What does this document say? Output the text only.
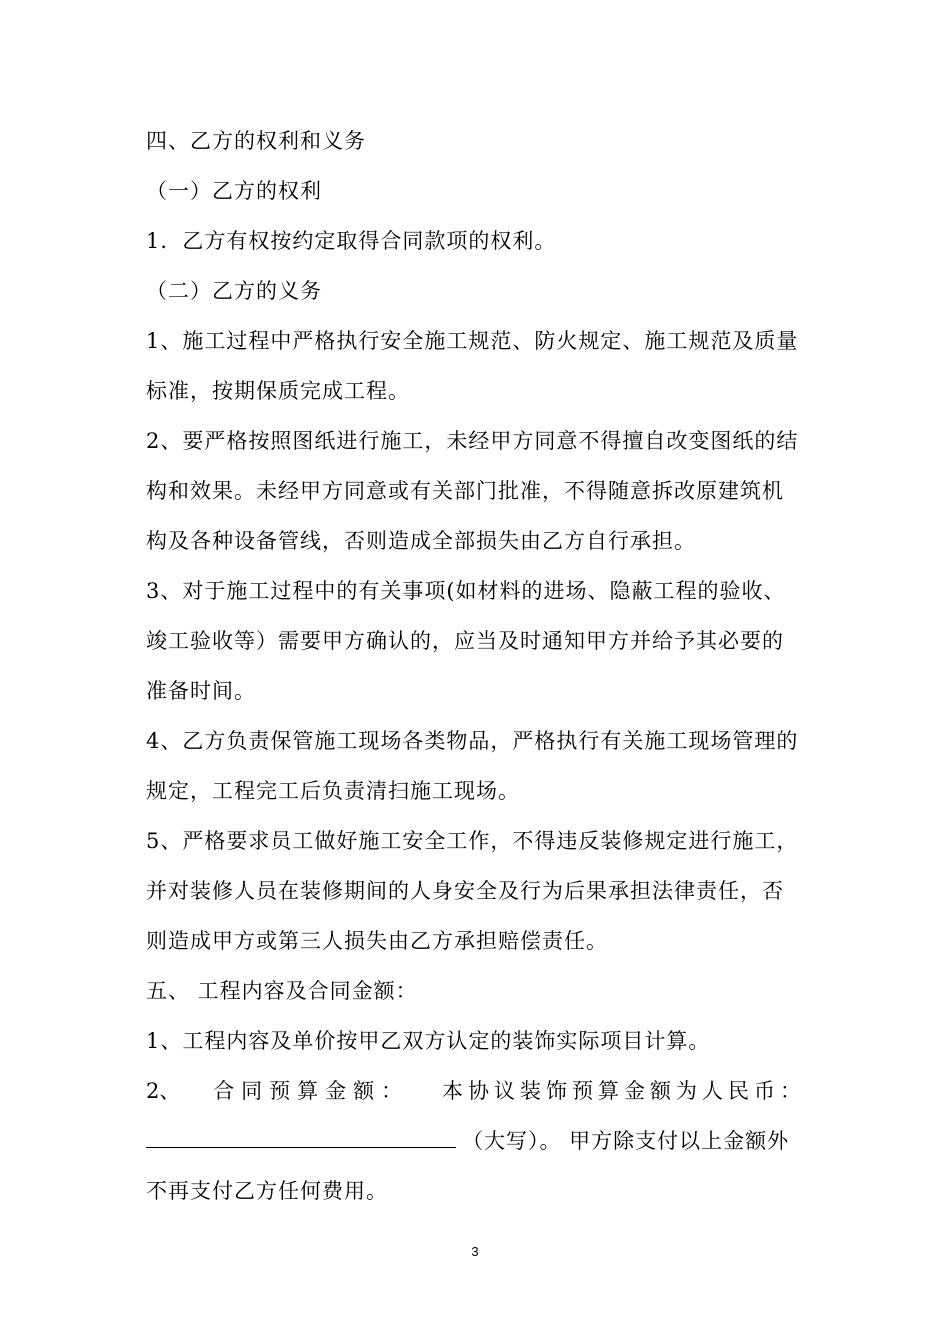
四、乙方的权利和义务
（一）乙方的权利
1．乙方有权按约定取得合同款项的权利。
（二）乙方的义务
1、施工过程中严格执行安全施工规范、防火规定、施工规范及质量
标准，按期保质完成工程。
2、要严格按照图纸进行施工，未经甲方同意不得擅自改变图纸的结
构和效果。未经甲方同意或有关部门批准，不得随意拆改原建筑机
构及各种设备管线，否则造成全部损失由乙方自行承担。
3、对于施工过程中的有关事项(如材料的进场、隐蔽工程的验收、
竣工验收等）需要甲方确认的，应当及时通知甲方并给予其必要的
准备时间。
4、乙方负责保管施工现场各类物品，严格执行有关施工现场管理的
规定，工程完工后负责清扫施工现场。
5、严格要求员工做好施工安全工作，不得违反装修规定进行施工，
并对装修人员在装修期间的人身安全及行为后果承担法律责任，否
则造成甲方或第三人损失由乙方承担赔偿责任。
五、 工程内容及合同金额：
1、工程内容及单价按甲乙双方认定的装饰实际项目计算。
2、 合同预算金额： 本协议装饰预算金额为人民币：
（大写）。 甲方除支付以上金额外
不再支付乙方任何费用。
3
